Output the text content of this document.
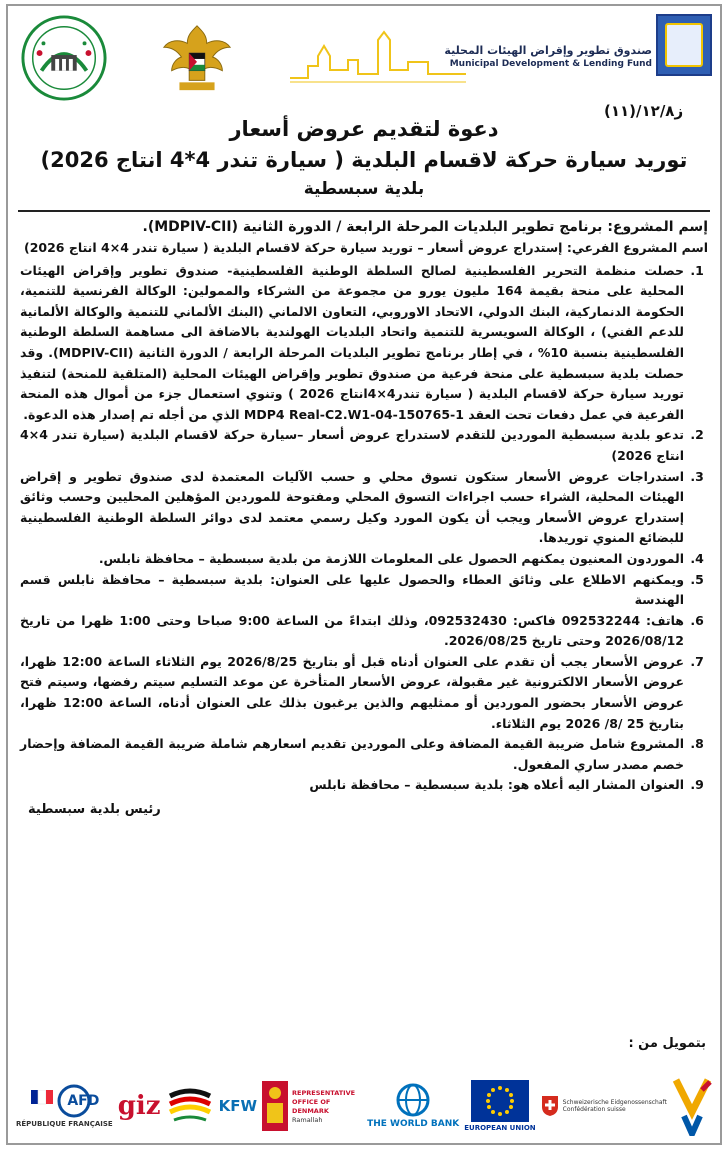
صندوق تطوير وإقراض الهيئات المحلية
Municipal Development & Lending Fund
ز١٢/٨/(١١)
دعوة لتقديم عروض أسعار
توريد سيارة حركة لاقسام البلدية ( سيارة تندر 4*4 انتاج 2026)
بلدية سبسطية
إسم المشروع: برنامج تطوير البلديات المرحلة الرابعة / الدورة الثانية (MDPIV-CII).
اسم المشروع الفرعي: إستدراج عروض أسعار – توريد سيارة حركة لاقسام البلدية ( سيارة تندر 4×4 انتاج 2026)
1. حصلت منظمة التحرير الفلسطينية لصالح السلطة الوطنية الفلسطينية- صندوق تطوير وإقراض الهيئات المحلية على منحة بقيمة 164 مليون يورو من مجموعة من الشركاء والممولين: الوكالة الفرنسية للتنمية، الحكومة الدنماركية، البنك الدولي، الاتحاد الاوروبي، التعاون الالماني (البنك الألماني للتنمية والوكالة الألمانية للدعم الفني) ، الوكالة السويسرية للتنمية واتحاد البلديات الهولندية بالاضافة الى مساهمة السلطة الوطنية الفلسطينية بنسبة 10% ، في إطار برنامج تطوير البلديات المرحلة الرابعة / الدورة الثانية (MDPIV-CII). وقد حصلت بلدية سبسطية على منحة فرعية من صندوق تطوير وإقراض الهيئات المحلية (المتلقية للمنحة) لتنفيذ توريد سيارة حركة لاقسام البلدية ( سيارة تندر4×4انتاج 2026 ) وتنوي استعمال جزء من أموال هذه المنحة الفرعية في عمل دفعات تحت العقد MDP4 Real-C2.W1-04-150765-1 الذي من أجله تم إصدار هذه الدعوة.
2. تدعو بلدية سبسطية الموردين للتقدم لاستدراج عروض أسعار –سيارة حركة لاقسام البلدية (سيارة تندر 4×4 انتاج 2026)
3. استدراجات عروض الأسعار ستكون تسوق محلي و حسب الآليات المعتمدة لدى صندوق تطوير و إقراض الهيئات المحلية، الشراء حسب اجراءات التسوق المحلي ومفتوحة للموردين المؤهلين المحليين وحسب وثائق إستدراج عروض الأسعار ويجب أن يكون المورد وكيل رسمي معتمد لدى دوائر السلطة الوطنية الفلسطينية للبضائع المنوي توريدها.
4. الموردون المعنيون يمكنهم الحصول على المعلومات اللازمة من بلدية سبسطية – محافظة نابلس.
5. ويمكنهم الاطلاع على وثائق العطاء والحصول عليها على العنوان: بلدية سبسطية – محافظة نابلس قسم الهندسة
6. هاتف: 092532244 فاكس: 092532430، وذلك ابتداءً من الساعة 9:00 صباحا وحتى 1:00 ظهرا من تاريخ 2026/08/12 وحتى تاريخ 2026/08/25.
7. عروض الأسعار يجب أن تقدم على العنوان أدناه قبل أو بتاريخ 2026/8/25 يوم الثلاثاء الساعة 12:00 ظهرا، عروض الأسعار الالكترونية غير مقبولة، عروض الأسعار المتأخرة عن موعد التسليم سيتم رفضها، وسيتم فتح عروض الأسعار بحضور الموردين أو ممثليهم والذين يرغبون بذلك على العنوان أدناه، الساعة 12:00 ظهرا، بتاريخ 25 /8/ 2026 يوم الثلاثاء.
8. المشروع شامل ضريبة القيمة المضافة وعلى الموردين تقديم اسعارهم شاملة ضريبة القيمة المضافة وإحضار خصم مصدر ساري المفعول.
9. العنوان المشار اليه أعلاه هو: بلدية سبسطية – محافظة نابلس
رئيس بلدية سبسطية
بتمويل من :
AFD
RÉPUBLIQUE FRANÇAISE
giz	KFW
REPRESENTATIVE OFFICE OF DENMARK
Ramallah	THE WORLD BANK EUROPEAN UNION
Schweizerische Eidgenossenschaft
Confédération suisse
